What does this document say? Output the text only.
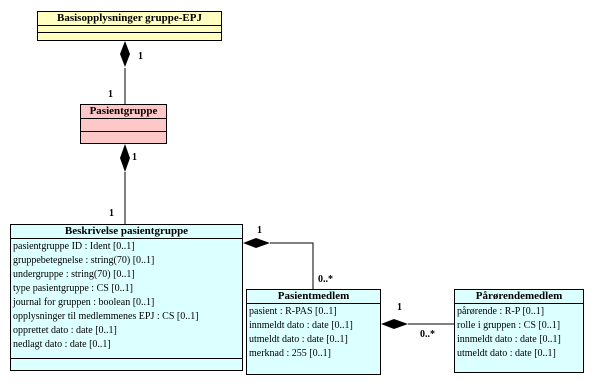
Basisopplysninger gruppe-EPJ
Pasientgruppe
Beskrivelse pasientgruppe
pasientgruppe ID : Ident [0..1]
gruppebetegnelse : string(70) [0..1]
undergruppe : string(70) [0..1]
type pasientgruppe : CS [0..1]
journal for gruppen : boolean [0..1]
opplysninger til medlemmenes EPJ : CS [0..1]
opprettet dato : date [0..1]
nedlagt dato : date [0..1]
Pasientmedlem
pasient : R-PAS [0..1]
innmeldt dato : date [0..1]
utmeldt dato : date [0..1]
merknad : 255 [0..1]
Pårørendemedlem
pårørende : R-P [0..1]
rolle i gruppen : CS [0..1]
innmeldt dato : date [0..1]
utmeldt dato : date [0..1]
1
1
1
1
1
0..*
1
0..*
